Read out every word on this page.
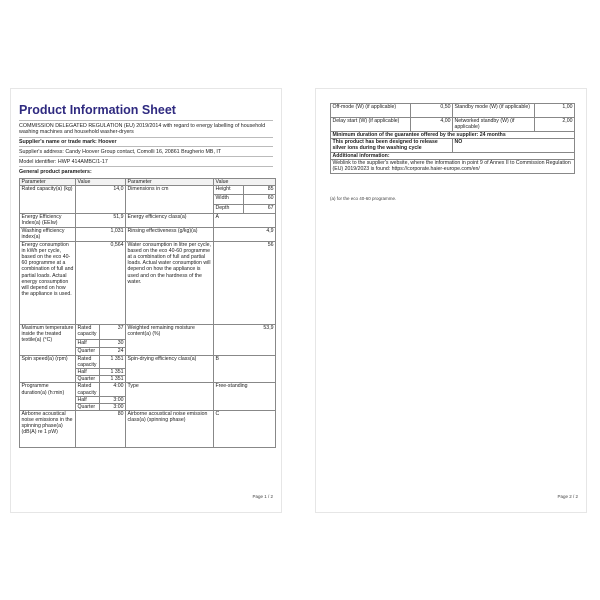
Product Information Sheet
COMMISSION DELEGATED REGULATION (EU) 2019/2014 with regard to energy labelling of household washing machines and household washer-dryers
Supplier's name or trade mark: Hoover
Supplier's address: Candy Hoover Group contact, Comolli 16, 20861 Brugherio MB, IT
Model identifier: HWP 414AMBC/1-17
General product parameters:
Parameter	Value		Parameter	Value	
Rated capacity(a) (kg)	14,0		Dimensions in cm	Height	85
				Width	60
				Depth	67
Energy Efficiency Index(a) (EEIw)	51,9		Energy efficiency class(a)	A	
Washing efficiency index(a)	1,031		Rinsing effectiveness (g/kg)(a)	4,9	
Energy consumption in kWh per cycle, based on the eco 40-60 programme at a combination of full and partial loads. Actual energy consumption will depend on how the appliance is used.	0,564		Water consumption in litre per cycle, based on the eco 40-60 programme at a combination of full and partial loads. Actual water consumption will depend on how the appliance is used and on the hardness of the water.	56	
Maximum temperature inside the treated textile(a) (°C)	Rated capacity	37	Weighted remaining moisture content(a) (%)	53,9	
	Half	30			
	Quarter	24			
Spin speed(a) (rpm)	Rated capacity	1 351	Spin-drying efficiency class(a)	B	
	Half	1 351			
	Quarter	1 351			
Programme duration(a) (h:min)	Rated capacity	4:00	Type	Free-standing	
	Half	3:00			
	Quarter	3:00			
Airborne acoustical noise emissions in the spinning phase(a) (dB(A) re 1 pW)	80		Airborne acoustical noise emission class(a) (spinning phase)	C	
Page 1 / 2
Off-mode (W) (if applicable)	0,50	Standby mode (W) (if applicable)	1,00
Delay start (W) (if applicable)	4,00	Networked standby (W) (if applicable)	2,00
Minimum duration of the guarantee offered by the supplier: 24 months			
This product has been designed to release silver ions during the washing cycle		NO	
Additional information:			
Weblink to the supplier's website, where the information in point 9 of Annex II to Commission Regulation (EU) 2019/2023 is found: https://corporate.haier-europe.com/en/			
(a) for the eco 40-60 programme.
Page 2 / 2
